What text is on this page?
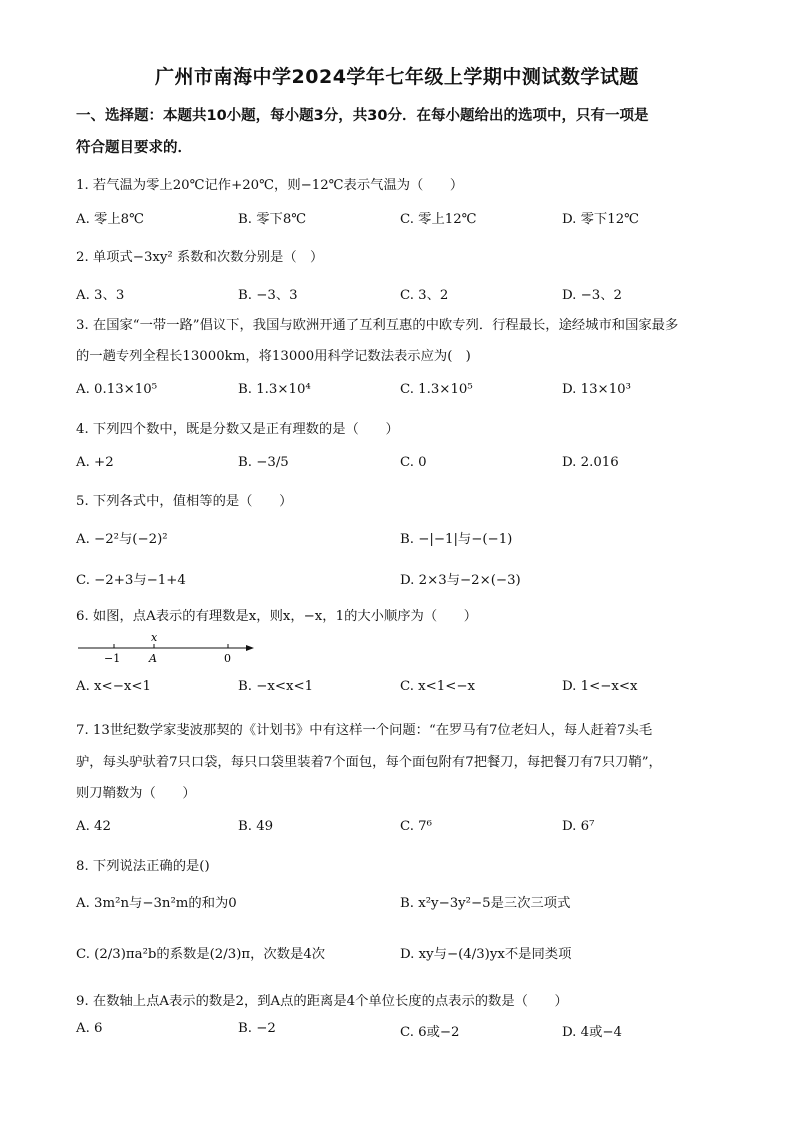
广州市南海中学2024学年七年级上学期中测试数学试题
一、选择题：本题共10小题，每小题3分，共30分．在每小题给出的选项中，只有一项是
符合题目要求的．
1. 若气温为零上20℃记作+20℃，则−12℃表示气温为（　　）
A. 零上8℃	B. 零下8℃	C. 零上12℃	D. 零下12℃
2. 单项式−3xy² 系数和次数分别是（　）
A. 3、3	B. −3、3	C. 3、2	D. −3、2
3. 在国家“一带一路”倡议下，我国与欧洲开通了互利互惠的中欧专列．行程最长，途经城市和国家最多
的一趟专列全程长13000km，将13000用科学记数法表示应为(　)
A. 0.13×10⁵	B. 1.3×10⁴	C. 1.3×10⁵	D. 13×10³
4. 下列四个数中，既是分数又是正有理数的是（　　）
A. +2	B. −3/5	C. 0	D. 2.016
5. 下列各式中，值相等的是（　　）
A. −2²与(−2)²	B. −|−1|与−(−1)
C. −2+3与−1+4	D. 2×3与−2×(−3)
6. 如图，点A表示的有理数是x，则x，−x，1的大小顺序为（　　）
x
A
−1	0
A. x<−x<1	B. −x<x<1	C. x<1<−x	D. 1<−x<x
7. 13世纪数学家斐波那契的《计划书》中有这样一个问题：“在罗马有7位老妇人，每人赶着7头毛
驴，每头驴驮着7只口袋，每只口袋里装着7个面包，每个面包附有7把餐刀，每把餐刀有7只刀鞘”，
则刀鞘数为（　　）
A. 42	B. 49	C. 7⁶	D. 6⁷
8. 下列说法正确的是()
A. 3m²n与−3n²m的和为0	B. x²y−3y²−5是三次三项式
C. (2/3)πa²b的系数是(2/3)π，次数是4次	D. xy与−(4/3)yx不是同类项
9. 在数轴上点A表示的数是2，到A点的距离是4个单位长度的点表示的数是（　　）
A. 6	B. −2	C. 6或−2	D. 4或−4
